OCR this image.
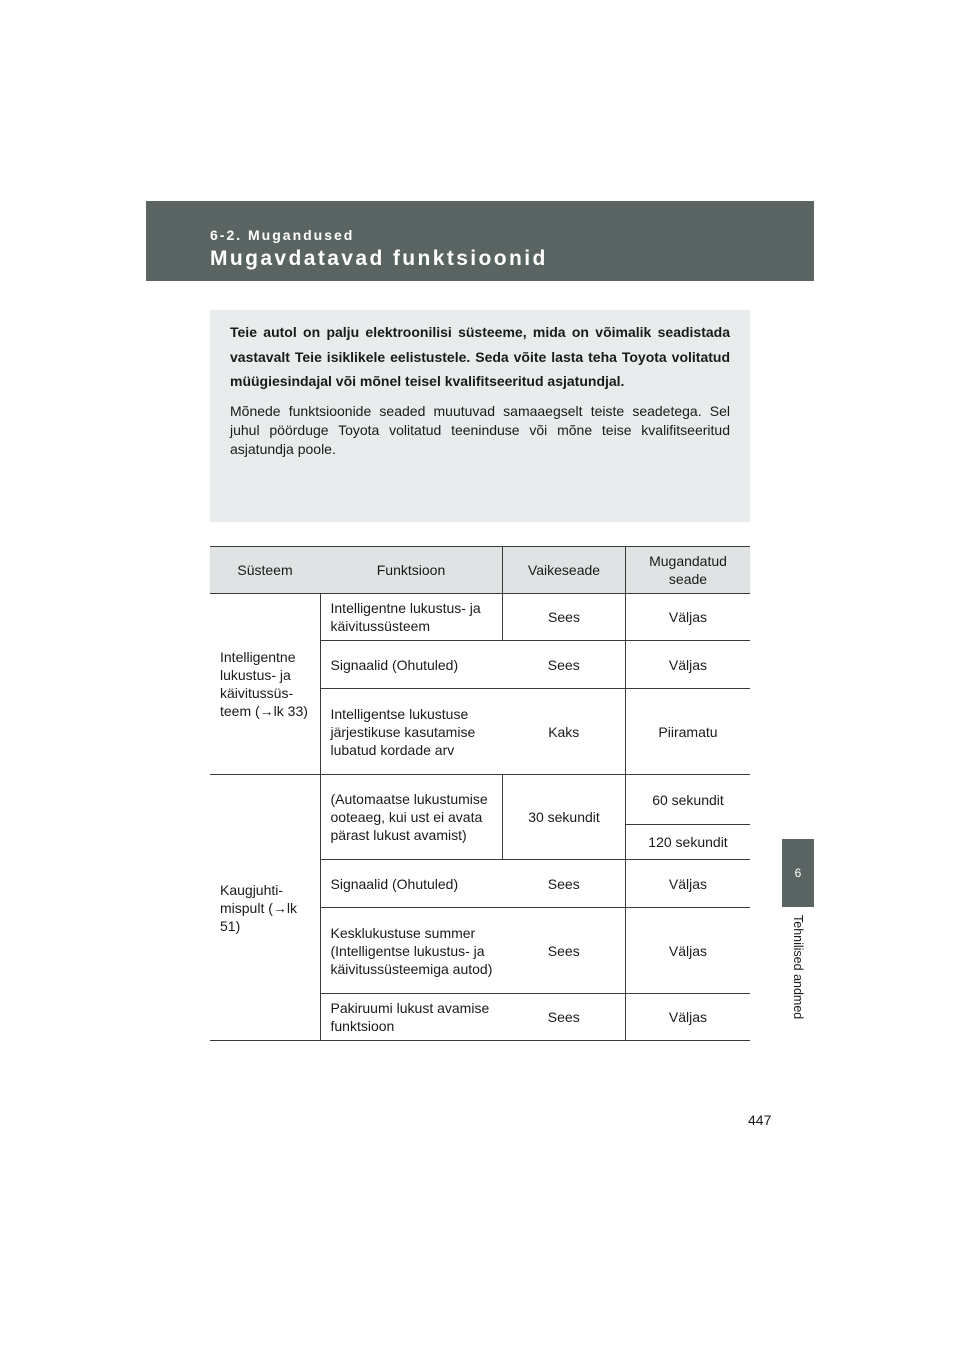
6-2. Mugandused
Mugavdatavad funktsioonid
6
Tehnilised andmed

Teie autol on palju elektroonilisi süsteeme, mida on võimalik seadistada vastavalt Teie isiklikele eelistustele. Seda võite lasta teha Toyota volitatud müügiesindajal või mõnel teisel kvalifitseeritud asjatundjal.

Mõnede funktsioonide seaded muutuvad samaaegselt teiste seadetega. Sel juhul pöörduge Toyota volitatud teeninduse või mõne teise kvalifitseeritud asjatundja poole.

Süsteem	Funktsioon	Vaikeseade	Mugandatud seade
Intelligentne lukustus- ja käivitussüsteem (→lk 33)	Intelligentne lukustus- ja käivitussüsteem	Sees	Väljas
	Signaalid (Ohutuled)	Sees	Väljas
	Intelligentse lukustuse järjestikuse kasutamise lubatud kordade arv	Kaks	Piiramatu
Kaugjuhtimispult (→lk 51)	(Automaatse lukustumise ooteaeg, kui ust ei avata pärast lukust avamist)	30 sekundit	60 sekundit
			120 sekundit
	Signaalid (Ohutuled)	Sees	Väljas
	Kesklukustuse summer (Intelligentse lukustus- ja käivitussüsteemiga autod)	Sees	Väljas
	Pakiruumi lukust avamise funktsioon	Sees	Väljas
447
